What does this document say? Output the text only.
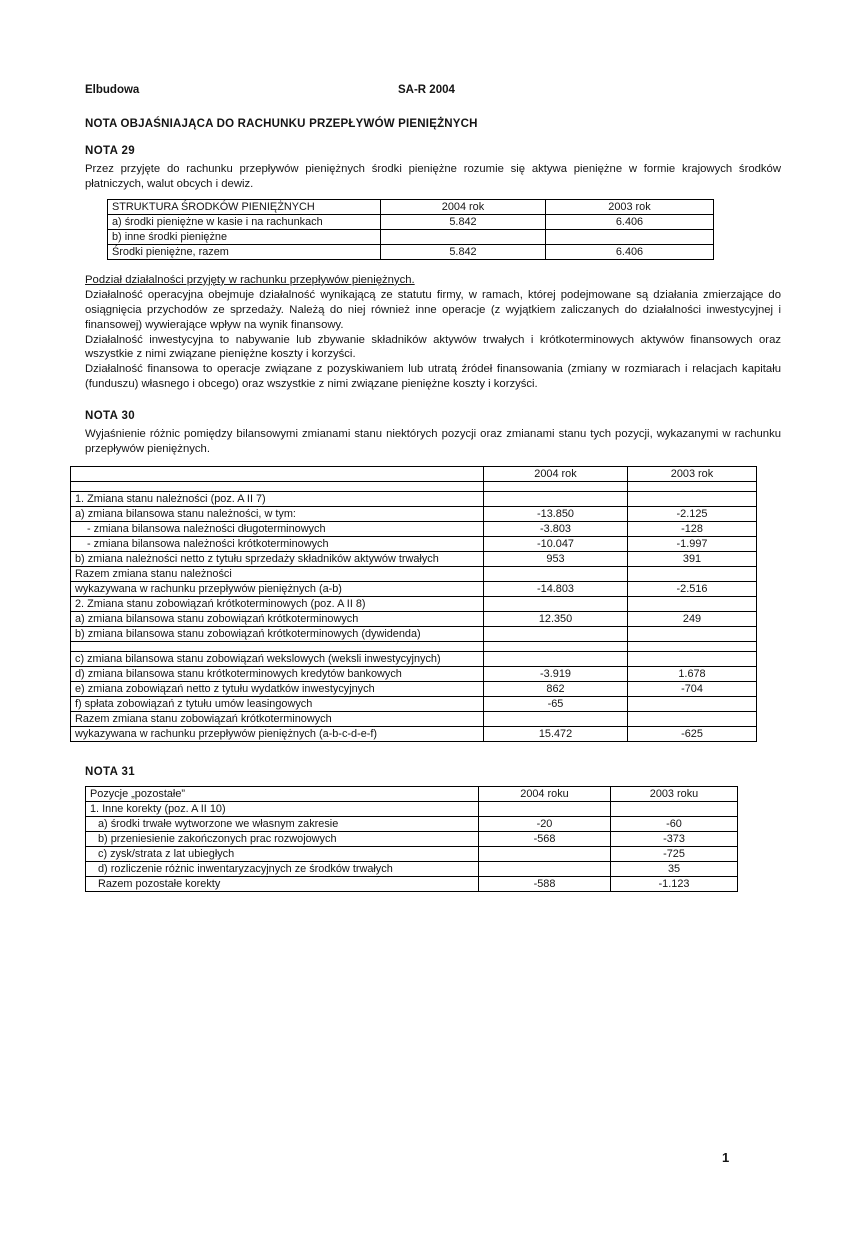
Elbudowa	SA-R 2004
NOTA OBJAŚNIAJĄCA DO RACHUNKU PRZEPŁYWÓW PIENIĘŻNYCH
NOTA 29

Przez przyjęte do rachunku przepływów pieniężnych środki pieniężne rozumie się aktywa pieniężne w formie krajowych środków płatniczych, walut obcych i dewiz.

STRUKTURA ŚRODKÓW PIENIĘŻNYCH	2004 rok	2003 rok
a) środki pieniężne w kasie i na rachunkach	5.842	6.406
b) inne środki pieniężne		
Środki pieniężne, razem	5.842	6.406
Podział działalności przyjęty w rachunku przepływów pieniężnych.

Działalność operacyjna obejmuje działalność wynikającą ze statutu firmy, w ramach, której podejmowane są działania zmierzające do osiągnięcia przychodów ze sprzedaży. Należą do niej również inne operacje (z wyjątkiem zaliczanych do działalności inwestycyjnej i finansowej) wywierające wpływ na wynik finansowy.

Działalność inwestycyjna to nabywanie lub zbywanie składników aktywów trwałych i krótkoterminowych aktywów finansowych oraz wszystkie z nimi związane pieniężne koszty i korzyści.

Działalność finansowa to operacje związane z pozyskiwaniem lub utratą źródeł finansowania (zmiany w rozmiarach i relacjach kapitału (funduszu) własnego i obcego) oraz wszystkie z nimi związane pieniężne koszty i korzyści.

NOTA 30

Wyjaśnienie różnic pomiędzy bilansowymi zmianami stanu niektórych pozycji oraz zmianami stanu tych pozycji, wykazanymi w rachunku przepływów pieniężnych.

	2004 rok	2003 rok

1. Zmiana stanu należności (poz. A II 7)		
a) zmiana bilansowa stanu należności, w tym:	-13.850	-2.125
- zmiana bilansowa należności długoterminowych	-3.803	-128
- zmiana bilansowa należności krótkoterminowych	-10.047	-1.997
b) zmiana należności netto z tytułu sprzedaży składników aktywów trwałych	953	391
Razem zmiana stanu należności		
wykazywana w rachunku przepływów pieniężnych (a-b)	-14.803	-2.516
2. Zmiana stanu zobowiązań krótkoterminowych (poz. A II 8)		
a) zmiana bilansowa stanu zobowiązań krótkoterminowych	12.350	249
b) zmiana bilansowa stanu zobowiązań krótkoterminowych (dywidenda)		

c) zmiana bilansowa stanu zobowiązań wekslowych (weksli inwestycyjnych)		
d) zmiana bilansowa stanu krótkoterminowych kredytów bankowych	-3.919	1.678
e) zmiana zobowiązań netto z tytułu wydatków inwestycyjnych	862	-704
f) spłata zobowiązań z tytułu umów leasingowych	-65	
Razem zmiana stanu zobowiązań krótkoterminowych		
wykazywana w rachunku przepływów pieniężnych (a-b-c-d-e-f)	15.472	-625
NOTA 31
Pozycje „pozostałe”	2004 roku	2003 roku
1. Inne korekty (poz. A II 10)		
a) środki trwałe wytworzone we własnym zakresie	-20	-60
b) przeniesienie zakończonych prac rozwojowych	-568	-373
c) zysk/strata z lat ubiegłych		-725
d) rozliczenie różnic inwentaryzacyjnych ze środków trwałych		35
Razem pozostałe korekty	-588	-1.123
1
